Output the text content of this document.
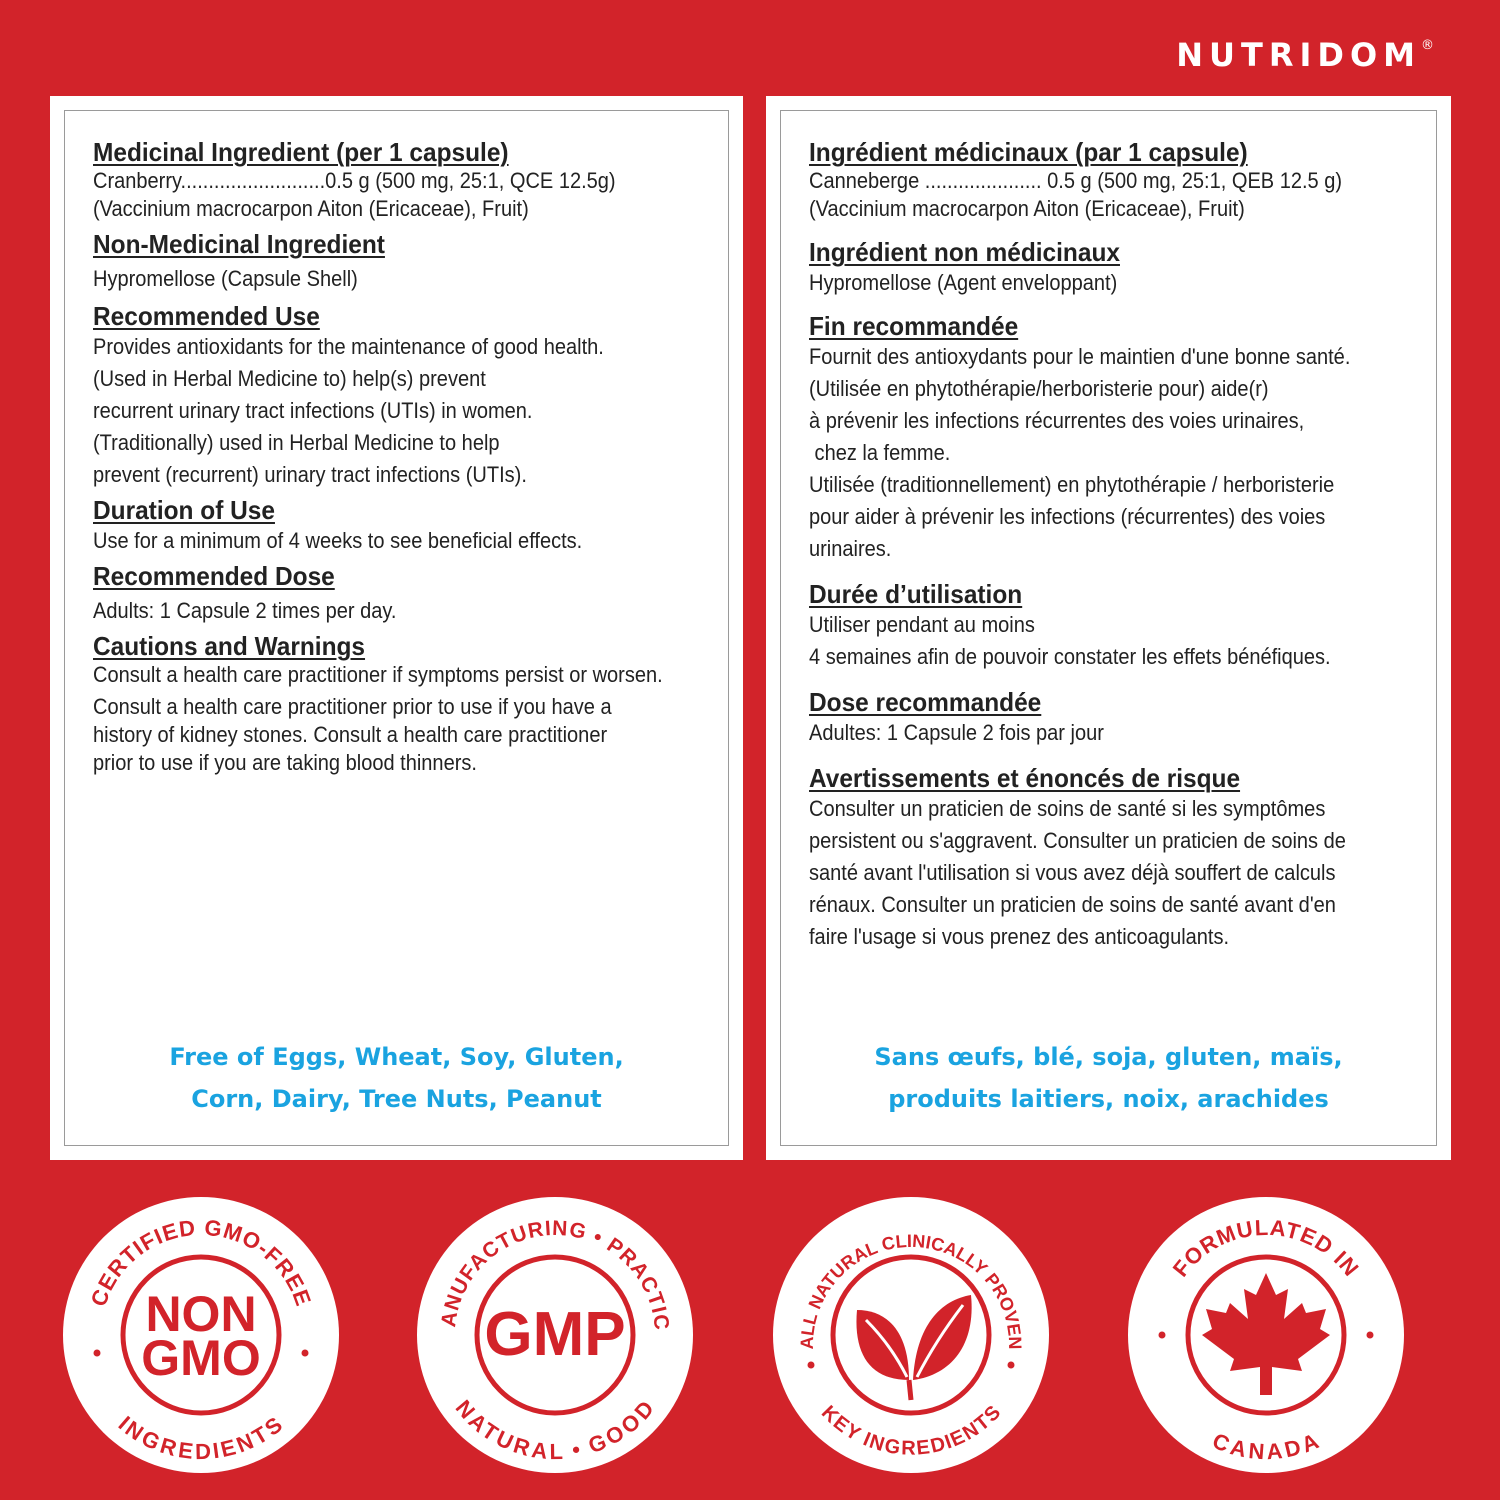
NUTRIDOM®

Medicinal Ingredient (per 1 capsule)

Cranberry..........................0.5 g (500 mg, 25:1, QCE 12.5g)

(Vaccinium macrocarpon Aiton (Ericaceae), Fruit)

Non-Medicinal Ingredient

Hypromellose (Capsule Shell)

Recommended Use

Provides antioxidants for the maintenance of good health.

(Used in Herbal Medicine to) help(s) prevent

recurrent urinary tract infections (UTIs) in women.

(Traditionally) used in Herbal Medicine to help

prevent (recurrent) urinary tract infections (UTIs).

Duration of Use

Use for a minimum of 4 weeks to see beneficial effects.

Recommended Dose

Adults: 1 Capsule 2 times per day.

Cautions and Warnings

Consult a health care practitioner if symptoms persist or worsen.

Consult a health care practitioner prior to use if you have a

history of kidney stones. Consult a health care practitioner

prior to use if you are taking blood thinners.

Free of Eggs, Wheat, Soy, Gluten,
Corn, Dairy, Tree Nuts, Peanut

Ingrédient médicinaux (par 1 capsule)

Canneberge ..................... 0.5 g (500 mg, 25:1, QEB 12.5 g)

(Vaccinium macrocarpon Aiton (Ericaceae), Fruit)

Ingrédient non médicinaux

Hypromellose (Agent enveloppant)

Fin recommandée

Fournit des antioxydants pour le maintien d'une bonne santé.

(Utilisée en phytothérapie/herboristerie pour) aide(r)

à prévenir les infections récurrentes des voies urinaires,

chez la femme.

Utilisée (traditionnellement) en phytothérapie / herboristerie

pour aider à prévenir les infections (récurrentes) des voies

urinaires.

Durée d’utilisation

Utiliser pendant au moins

4 semaines afin de pouvoir constater les effets bénéfiques.

Dose recommandée

Adultes: 1 Capsule 2 fois par jour

Avertissements et énoncés de risque

Consulter un praticien de soins de santé si les symptômes

persistent ou s'aggravent. Consulter un praticien de soins de

santé avant l'utilisation si vous avez déjà souffert de calculs

rénaux. Consulter un praticien de soins de santé avant d'en

faire l'usage si vous prenez des anticoagulants.

Sans œufs, blé, soja, gluten, maïs,
produits laitiers, noix, arachides
CERTIFIED GMO-FREE
INGREDIENTS
NON
GMO
ANUFACTURING • PRACTIC
NATURAL • GOOD
GMP	ALL NATURAL CLINICALLY PROVEN
KEY INGREDIENTS
FORMULATED IN
CANADA
